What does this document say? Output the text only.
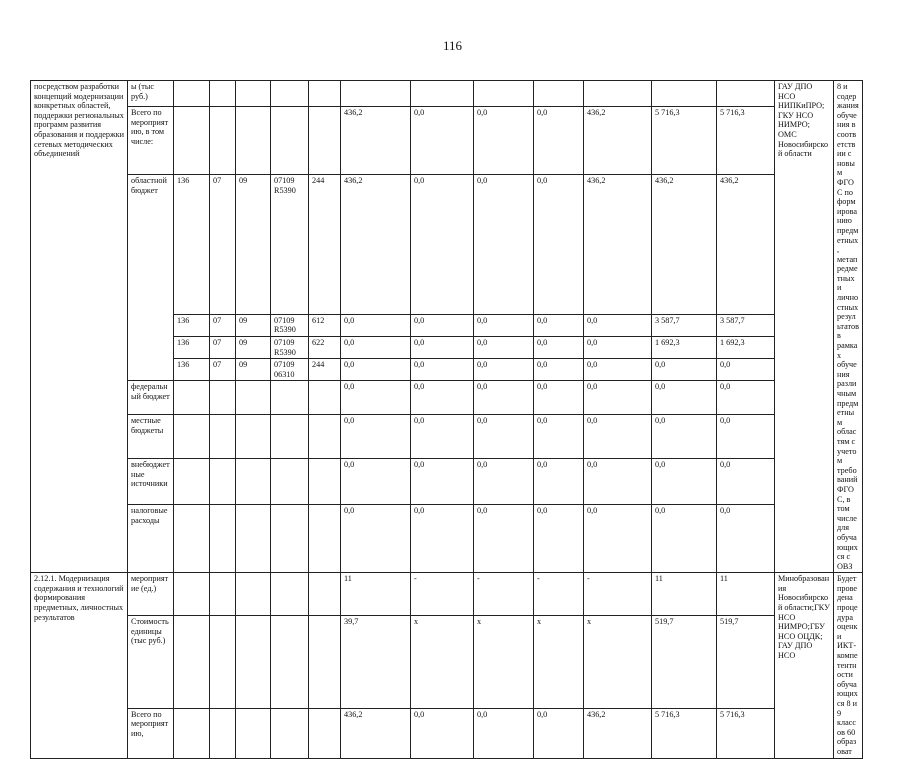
116
посредством разработки концепций модернизации конкретных областей, поддержки региональных программ развития образования и поддержки сетевых методических объединений	ы (тыс руб.)													ГАУ ДПО НСО НИПКиПРО; ГКУ НСО НИМРО; ОМС Новосибирской области	8 и содержания обучения в соответствии с новым ФГОС по формированию предметных, метапредметных и личностных результатов в рамках обучения различным предметным областям с учетом требований ФГОС, в том числе для обучающихся с ОВЗ
	Всего по мероприятию, в том числе:						436,2	0,0	0,0	0,0	436,2	5 716,3	5 716,3		
	областной бюджет	136	07	09	07109 R5390	244	436,2	0,0	0,0	0,0	436,2	436,2	436,2		
		136	07	09	07109 R5390	612	0,0	0,0	0,0	0,0	0,0	3 587,7	3 587,7		
		136	07	09	07109 R5390	622	0,0	0,0	0,0	0,0	0,0	1 692,3	1 692,3		
		136	07	09	07109 06310	244	0,0	0,0	0,0	0,0	0,0	0,0	0,0		
	федеральный бюджет						0,0	0,0	0,0	0,0	0,0	0,0	0,0		
	местные бюджеты						0,0	0,0	0,0	0,0	0,0	0,0	0,0		
	внебюджетные источники						0,0	0,0	0,0	0,0	0,0	0,0	0,0		
	налоговые расходы						0,0	0,0	0,0	0,0	0,0	0,0	0,0		
2.12.1. Модернизация содержания и технологий формирования предметных, личностных результатов	мероприятие (ед.)						11	-	-	-	-	11	11	Минобразования Новосибирской области;ГКУ НСО НИМРО;ГБУ НСО ОЦДК; ГАУ ДПО НСО	Будет проведена процедура оценки ИКТ-компетентности обучающихся 8 и 9 классов 60 образоват
	Стоимость единицы (тыс руб.)						39,7	х	х	х	х	519,7	519,7		
	Всего по мероприятию,						436,2	0,0	0,0	0,0	436,2	5 716,3	5 716,3		
